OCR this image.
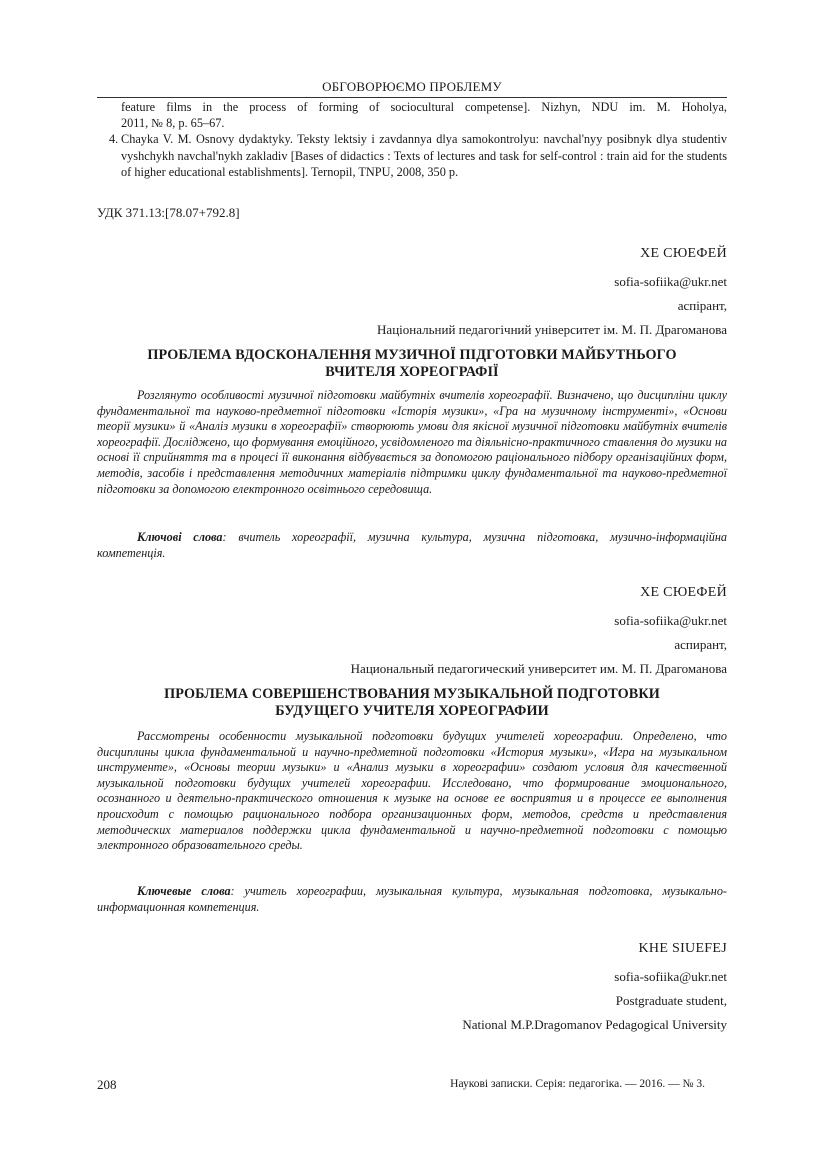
ОБГОВОРЮЄМО ПРОБЛЕМУ

feature films in the process of forming of sociocultural competense]. Nizhyn, NDU im. M. Hoholya,

2011, № 8, p. 65–67.

4. Chayka V. M. Osnovy dydaktyky. Teksty lektsiy i zavdannya dlya samokontrolyu: navchal'nyy posibnyk dlya studentiv vyshchykh navchal'nykh zakladiv [Bases of didactics : Texts of lectures and task for self-control : train aid for the students of higher educational establishments]. Ternopil, TNPU, 2008, 350 p.
УДК 371.13:[78.07+792.8]
ХЕ СЮЕФЕЙ
sofia-sofiika@ukr.net
аспірант,
Національний педагогічний університет ім. М. П. Драгоманова
ПРОБЛЕМА ВДОСКОНАЛЕННЯ МУЗИЧНОЇ ПІДГОТОВКИ МАЙБУТНЬОГО
ВЧИТЕЛЯ ХОРЕОГРАФІЇ
Розглянуто особливості музичної підготовки майбутніх вчителів хореографії. Визначено, що дисципліни циклу фундаментальної та науково-предметної підготовки «Історія музики», «Гра на музичному інструменті», «Основи теорії музики» й «Аналіз музики в хореографії» створюють умови для якісної музичної підготовки майбутніх вчителів хореографії. Досліджено, що формування емоційного, усвідомленого та діяльнісно-практичного ставлення до музики на основі її сприйняття та в процесі її виконання відбувається за допомогою раціонального підбору організаційних форм, методів, засобів і представлення методичних матеріалів підтримки циклу фундаментальної та науково-предметної підготовки за допомогою електронного освітнього середовища.
Ключові слова: вчитель хореографії, музична культура, музична підготовка, музично-інформаційна компетенція.
ХЕ СЮЕФЕЙ
sofia-sofiika@ukr.net
аспирант,
Национальный педагогический университет им. М. П. Драгоманова
ПРОБЛЕМА СОВЕРШЕНСТВОВАНИЯ МУЗЫКАЛЬНОЙ ПОДГОТОВКИ
БУДУЩЕГО УЧИТЕЛЯ ХОРЕОГРАФИИ
Рассмотрены особенности музыкальной подготовки будущих учителей хореографии. Определено, что дисциплины цикла фундаментальной и научно-предметной подготовки «История музыки», «Игра на музыкальном инструменте», «Основы теории музыки» и «Анализ музыки в хореографии» создают условия для качественной музыкальной подготовки будущих учителей хореографии. Исследовано, что формирование эмоционального, осознанного и деятельно-практического отношения к музыке на основе ее восприятия и в процессе ее выполнения происходит с помощью рационального подбора организационных форм, методов, средств и представления методических материалов поддержки цикла фундаментальной и научно-предметной подготовки с помощью электронного образовательного среды.
Ключевые слова: учитель хореографии, музыкальная культура, музыкальная подготовка, музыкально-информационная компетенция.
KHE SIUEFEJ
sofia-sofiika@ukr.net
Postgraduate student,
National M.P.Dragomanov Pedagogical University
208	Наукові записки. Серія: педагогіка. — 2016. — № 3.
